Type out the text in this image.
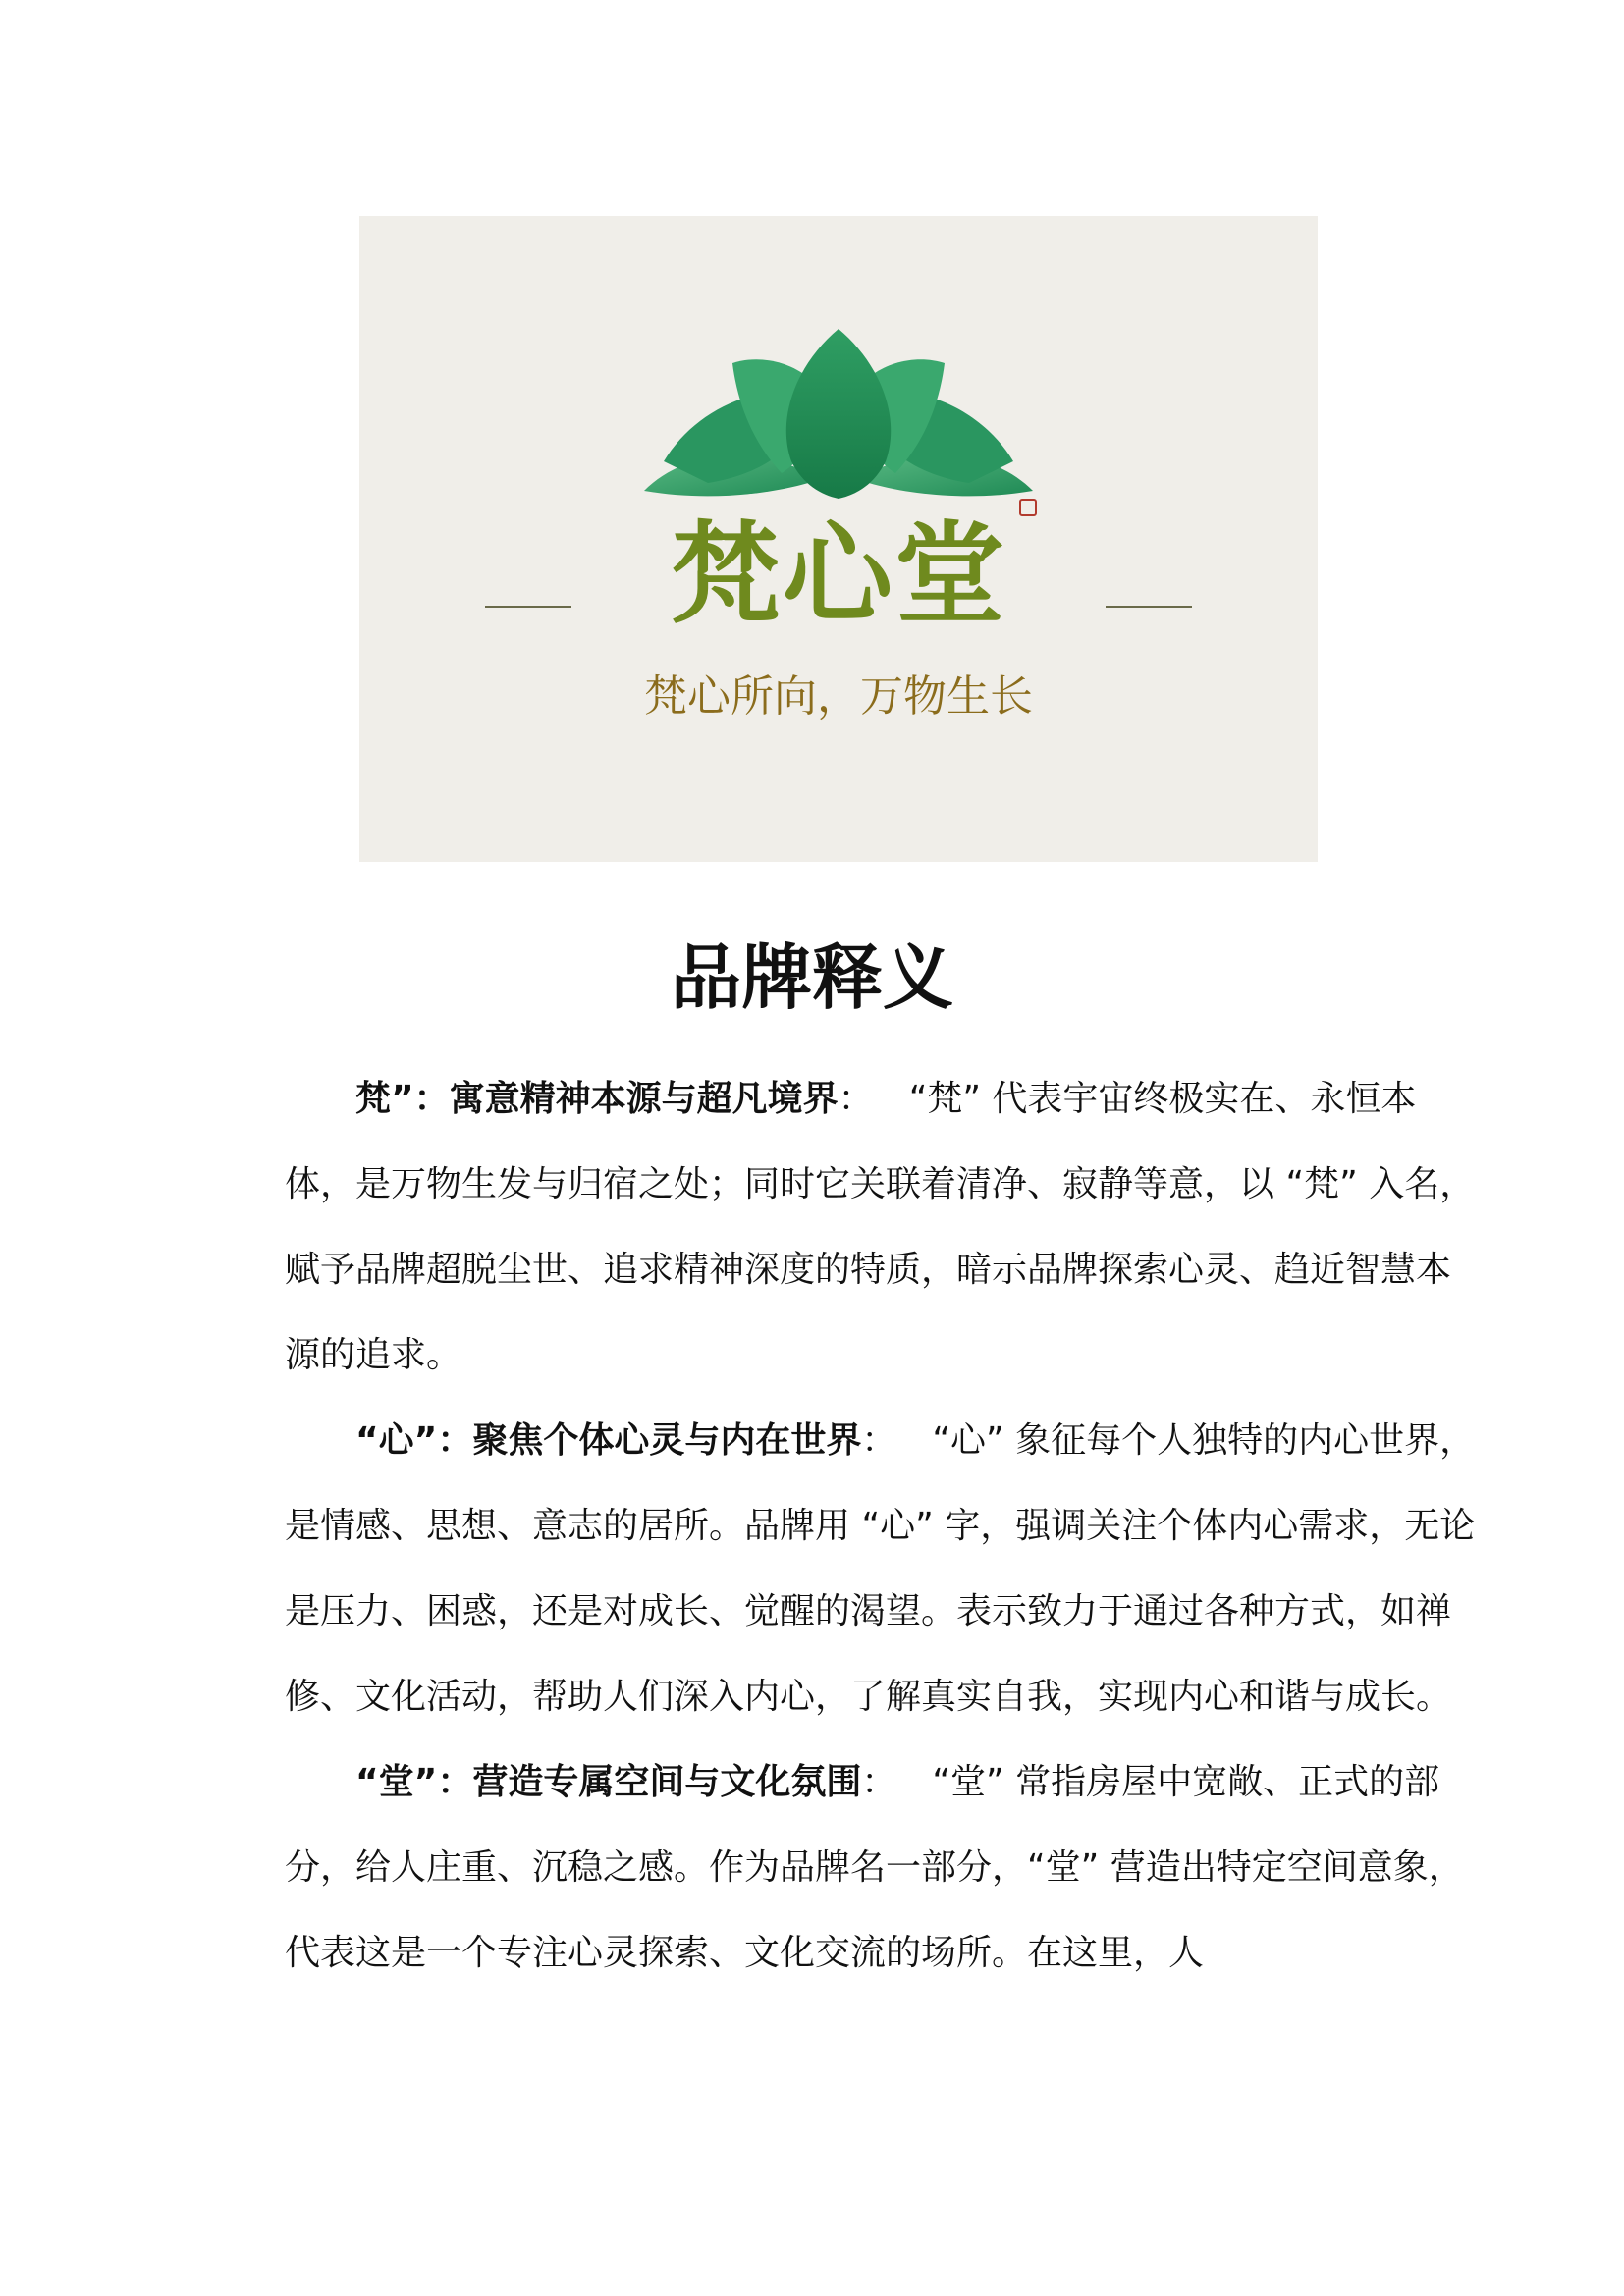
梵心堂
梵心所向，万物生长
品牌释义

梵”：寓意精神本源与超凡境界： “梵” 代表宇宙终极实在、永恒本体，是万物生发与归宿之处；同时它关联着清净、寂静等意，以 “梵” 入名，赋予品牌超脱尘世、追求精神深度的特质，暗示品牌探索心灵、趋近智慧本源的追求。

“心”：聚焦个体心灵与内在世界： “心” 象征每个人独特的内心世界，是情感、思想、意志的居所。品牌用 “心” 字，强调关注个体内心需求，无论是压力、困惑，还是对成长、觉醒的渴望。表示致力于通过各种方式，如禅修、文化活动，帮助人们深入内心，了解真实自我，实现内心和谐与成长。

“堂”：营造专属空间与文化氛围： “堂” 常指房屋中宽敞、正式的部分，给人庄重、沉稳之感。作为品牌名一部分，“堂” 营造出特定空间意象，代表这是一个专注心灵探索、文化交流的场所。在这里，人
